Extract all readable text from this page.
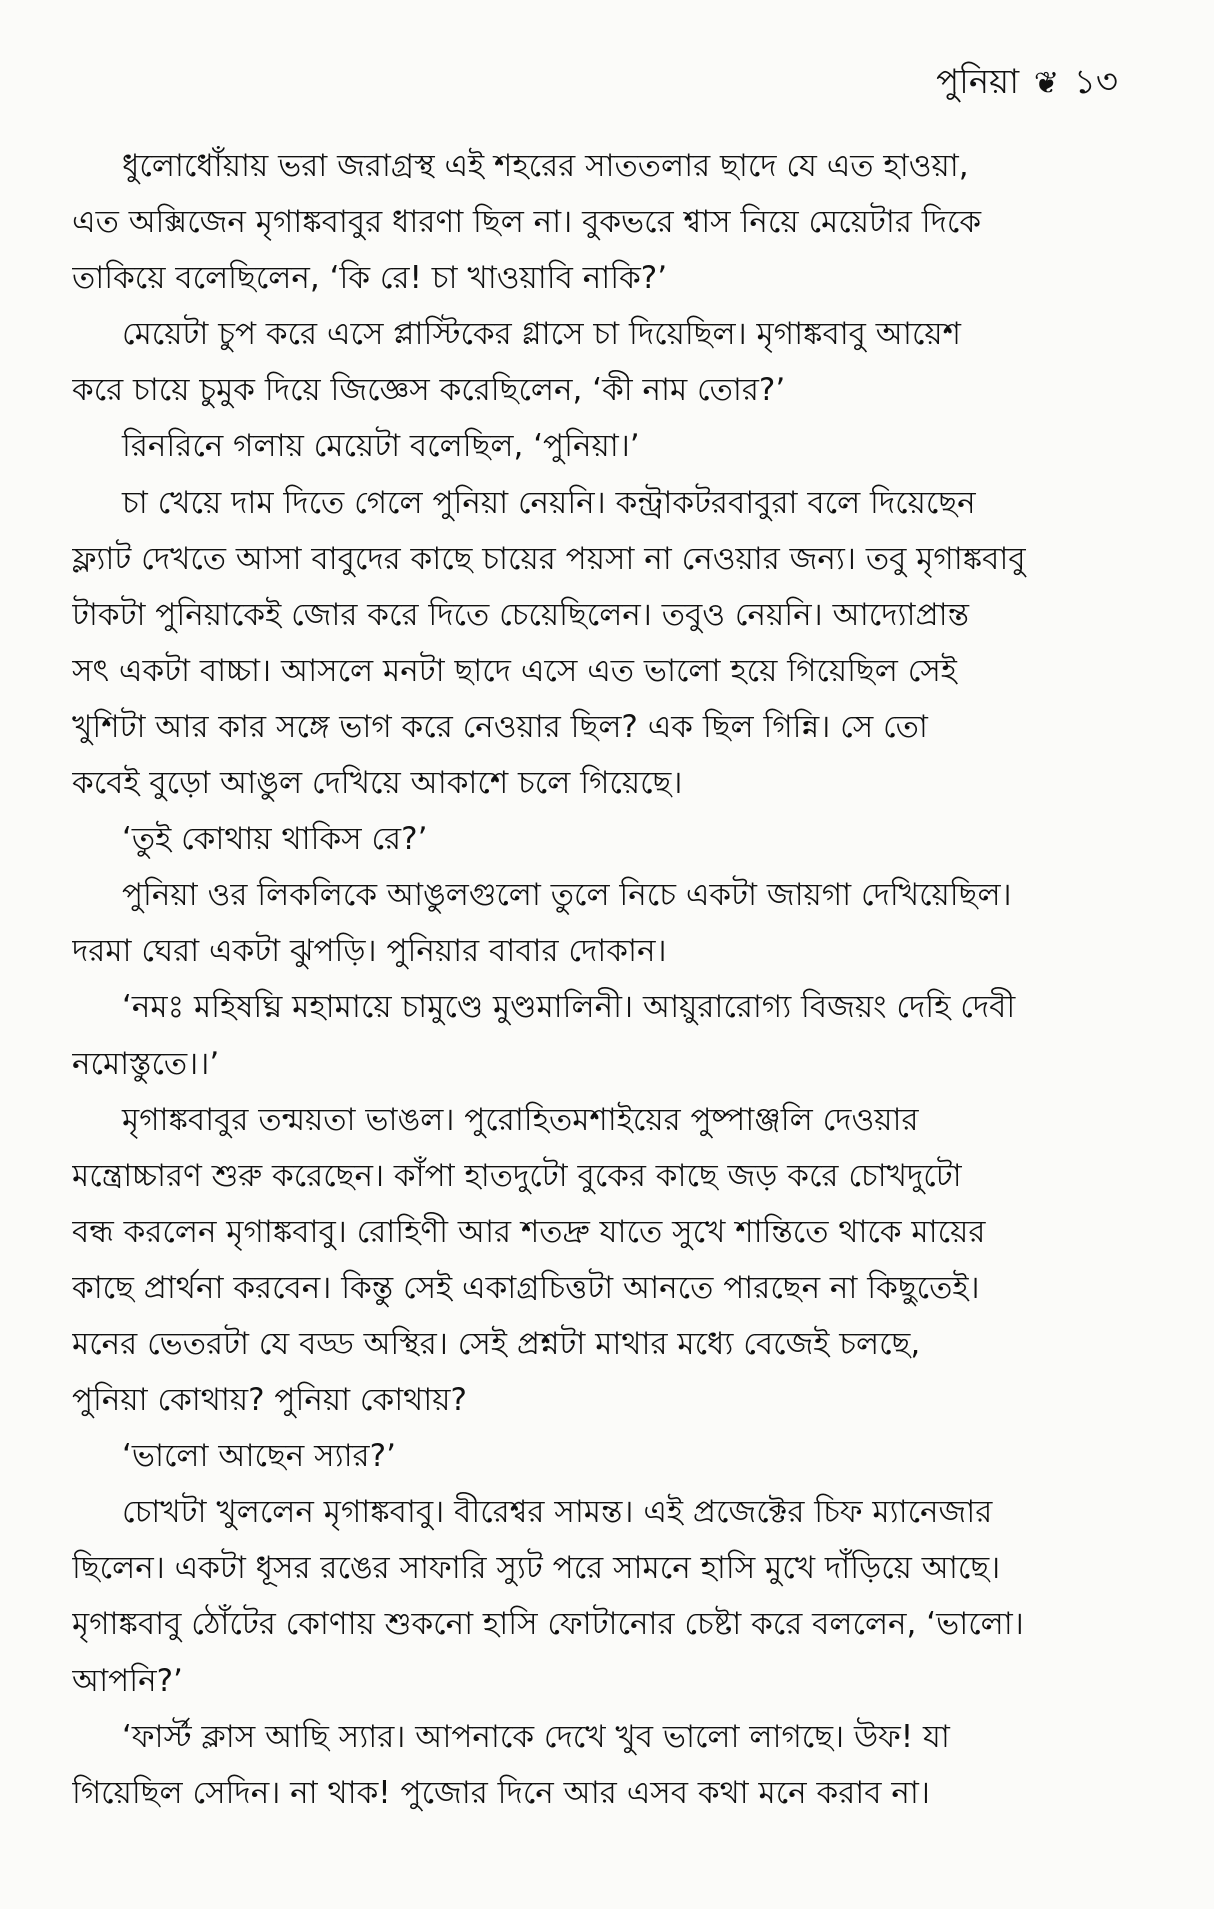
পুনিয়া ❦ ১৩
ধুলোধোঁয়ায় ভরা জরাগ্রস্থ এই শহরের সাততলার ছাদে যে এত হাওয়া,
এত অক্সিজেন মৃগাঙ্কবাবুর ধারণা ছিল না। বুকভরে শ্বাস নিয়ে মেয়েটার দিকে
তাকিয়ে বলেছিলেন, ‘কি রে! চা খাওয়াবি নাকি?’
মেয়েটা চুপ করে এসে প্লাস্টিকের গ্লাসে চা দিয়েছিল। মৃগাঙ্কবাবু আয়েশ
করে চায়ে চুমুক দিয়ে জিজ্ঞেস করেছিলেন, ‘কী নাম তোর?’
রিনরিনে গলায় মেয়েটা বলেছিল, ‘পুনিয়া।’
চা খেয়ে দাম দিতে গেলে পুনিয়া নেয়নি। কন্ট্রাকটরবাবুরা বলে দিয়েছেন
ফ্ল্যাট দেখতে আসা বাবুদের কাছে চায়ের পয়সা না নেওয়ার জন্য। তবু মৃগাঙ্কবাবু
টাকটা পুনিয়াকেই জোর করে দিতে চেয়েছিলেন। তবুও নেয়নি। আদ্যোপ্রান্ত
সৎ একটা বাচ্চা। আসলে মনটা ছাদে এসে এত ভালো হয়ে গিয়েছিল সেই
খুশিটা আর কার সঙ্গে ভাগ করে নেওয়ার ছিল? এক ছিল গিন্নি। সে তো
কবেই বুড়ো আঙুল দেখিয়ে আকাশে চলে গিয়েছে।
‘তুই কোথায় থাকিস রে?’
পুনিয়া ওর লিকলিকে আঙুলগুলো তুলে নিচে একটা জায়গা দেখিয়েছিল।
দরমা ঘেরা একটা ঝুপড়ি। পুনিয়ার বাবার দোকান।
‘নমঃ মহিষঘ্নি মহামায়ে চামুণ্ডে মুণ্ডমালিনী। আয়ুরারোগ্য বিজয়ং দেহি দেবী
নমোস্তুতে।।’
মৃগাঙ্কবাবুর তন্ময়তা ভাঙল। পুরোহিতমশাইয়ের পুষ্পাঞ্জলি দেওয়ার
মন্ত্রোচ্চারণ শুরু করেছেন। কাঁপা হাতদুটো বুকের কাছে জড় করে চোখদুটো
বন্ধ করলেন মৃগাঙ্কবাবু। রোহিণী আর শতদ্রু যাতে সুখে শান্তিতে থাকে মায়ের
কাছে প্রার্থনা করবেন। কিন্তু সেই একাগ্রচিত্তটা আনতে পারছেন না কিছুতেই।
মনের ভেতরটা যে বড্ড অস্থির। সেই প্রশ্নটা মাথার মধ্যে বেজেই চলছে,
পুনিয়া কোথায়? পুনিয়া কোথায়?
‘ভালো আছেন স্যার?’
চোখটা খুললেন মৃগাঙ্কবাবু। বীরেশ্বর সামন্ত। এই প্রজেক্টের চিফ ম্যানেজার
ছিলেন। একটা ধূসর রঙের সাফারি স্যুট পরে সামনে হাসি মুখে দাঁড়িয়ে আছে।
মৃগাঙ্কবাবু ঠোঁটের কোণায় শুকনো হাসি ফোটানোর চেষ্টা করে বললেন, ‘ভালো।
আপনি?’
‘ফার্স্ট ক্লাস আছি স্যার। আপনাকে দেখে খুব ভালো লাগছে। উফ! যা
গিয়েছিল সেদিন। না থাক! পুজোর দিনে আর এসব কথা মনে করাব না।
